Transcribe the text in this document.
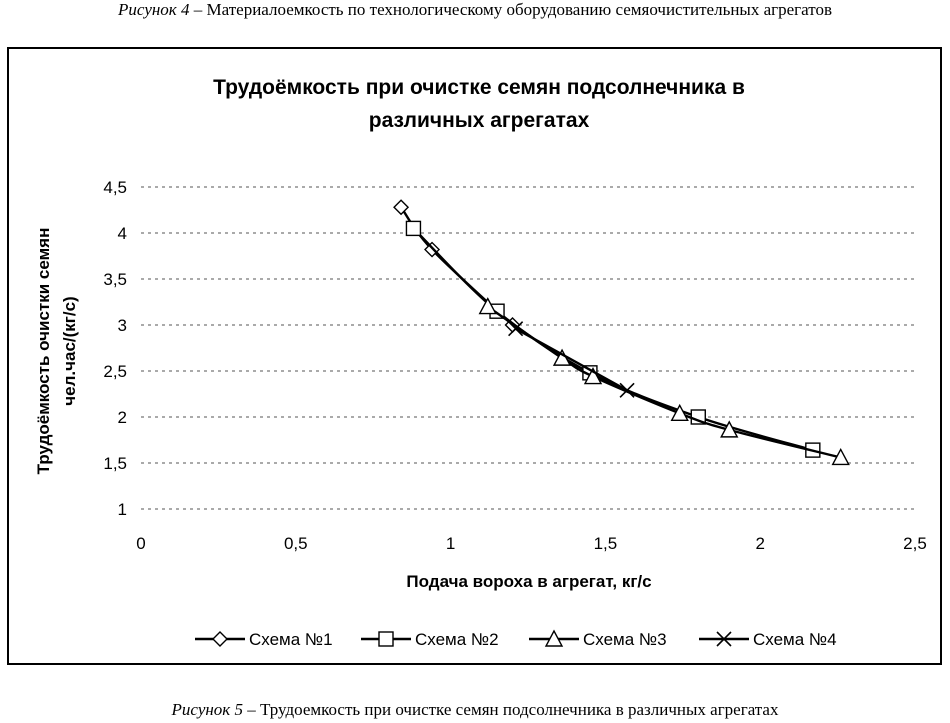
Рисунок 4 – Материалоемкость по технологическому оборудованию семяочистительных агрегатов
Трудоёмкость при очистке семян подсолнечника в
различных агрегатах
Трудоёмкость очистки семян чел.час/(кг/с)
Подача вороха в агрегат, кг/с
1
1,5
2
2,5
3
3,5
4
4,5
0	0,5	1	1,5	2	2,5
Схема №1	Схема №2	Схема №3	Схема №4
Рисунок 5 – Трудоемкость при очистке семян подсолнечника в различных агрегатах
